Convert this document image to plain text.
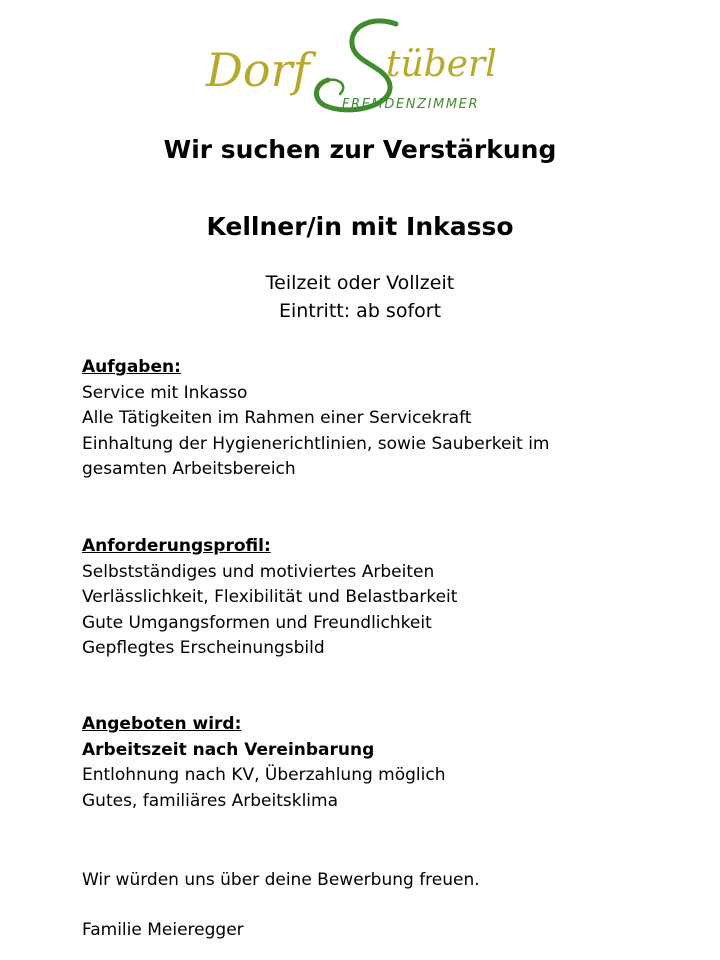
Dorf tüberl
FREMDENZIMMER
Wir suchen zur Verstärkung
Kellner/in mit Inkasso

Teilzeit oder Vollzeit

Eintritt: ab sofort

Aufgaben:
Service mit Inkasso
Alle Tätigkeiten im Rahmen einer Servicekraft
Einhaltung der Hygienerichtlinien, sowie Sauberkeit im
gesamten Arbeitsbereich
Anforderungsprofil:
Selbstständiges und motiviertes Arbeiten
Verlässlichkeit, Flexibilität und Belastbarkeit
Gute Umgangsformen und Freundlichkeit
Gepflegtes Erscheinungsbild
Angeboten wird:
Arbeitszeit nach Vereinbarung
Entlohnung nach KV, Überzahlung möglich
Gutes, familiäres Arbeitsklima
Wir würden uns über deine Bewerbung freuen.
Familie Meieregger
